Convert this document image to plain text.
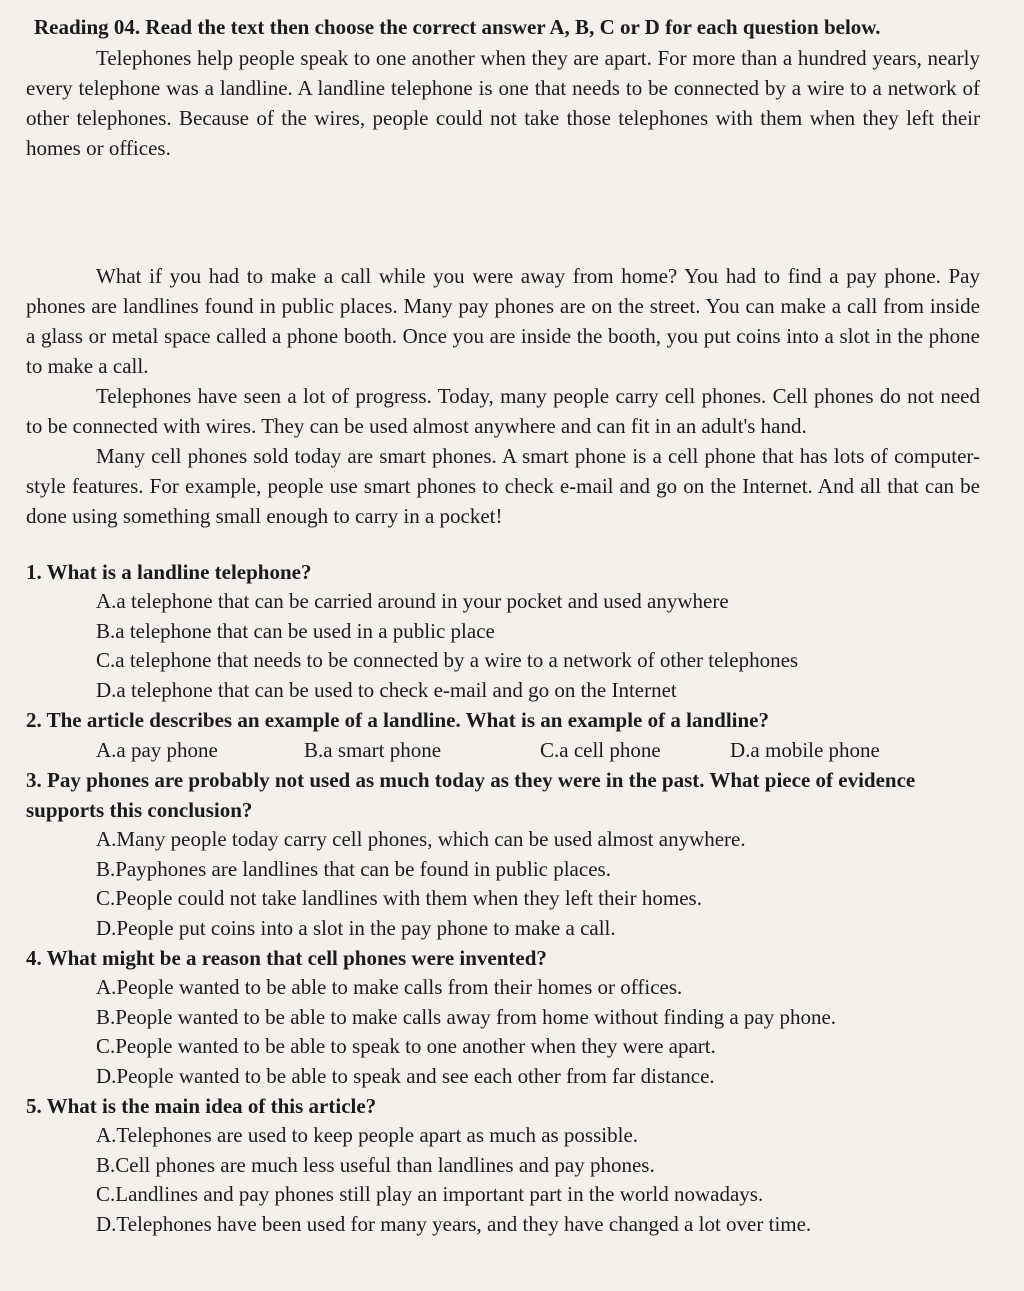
Reading 04. Read the text then choose the correct answer A, B, C or D for each question below.

Telephones help people speak to one another when they are apart. For more than a hundred years, nearly every telephone was a landline. A landline telephone is one that needs to be connected by a wire to a network of other telephones. Because of the wires, people could not take those telephones with them when they left their homes or offices.

What if you had to make a call while you were away from home? You had to find a pay phone. Pay phones are landlines found in public places. Many pay phones are on the street. You can make a call from inside a glass or metal space called a phone booth. Once you are inside the booth, you put coins into a slot in the phone to make a call.

Telephones have seen a lot of progress. Today, many people carry cell phones. Cell phones do not need to be connected with wires. They can be used almost anywhere and can fit in an adult's hand.

Many cell phones sold today are smart phones. A smart phone is a cell phone that has lots of computer-style features. For example, people use smart phones to check e-mail and go on the Internet. And all that can be done using something small enough to carry in a pocket!

1. What is a landline telephone?

A.a telephone that can be carried around in your pocket and used anywhere
B.a telephone that can be used in a public place
C.a telephone that needs to be connected by a wire to a network of other telephones
D.a telephone that can be used to check e-mail and go on the Internet

2. The article describes an example of a landline. What is an example of a landline?

A.a pay phone	B.a smart phone	C.a cell phone	D.a mobile phone

3. Pay phones are probably not used as much today as they were in the past. What piece of evidence supports this conclusion?

A.Many people today carry cell phones, which can be used almost anywhere.
B.Payphones are landlines that can be found in public places.
C.People could not take landlines with them when they left their homes.
D.People put coins into a slot in the pay phone to make a call.

4. What might be a reason that cell phones were invented?

A.People wanted to be able to make calls from their homes or offices.
B.People wanted to be able to make calls away from home without finding a pay phone.
C.People wanted to be able to speak to one another when they were apart.
D.People wanted to be able to speak and see each other from far distance.

5. What is the main idea of this article?

A.Telephones are used to keep people apart as much as possible.
B.Cell phones are much less useful than landlines and pay phones.
C.Landlines and pay phones still play an important part in the world nowadays.
D.Telephones have been used for many years, and they have changed a lot over time.
